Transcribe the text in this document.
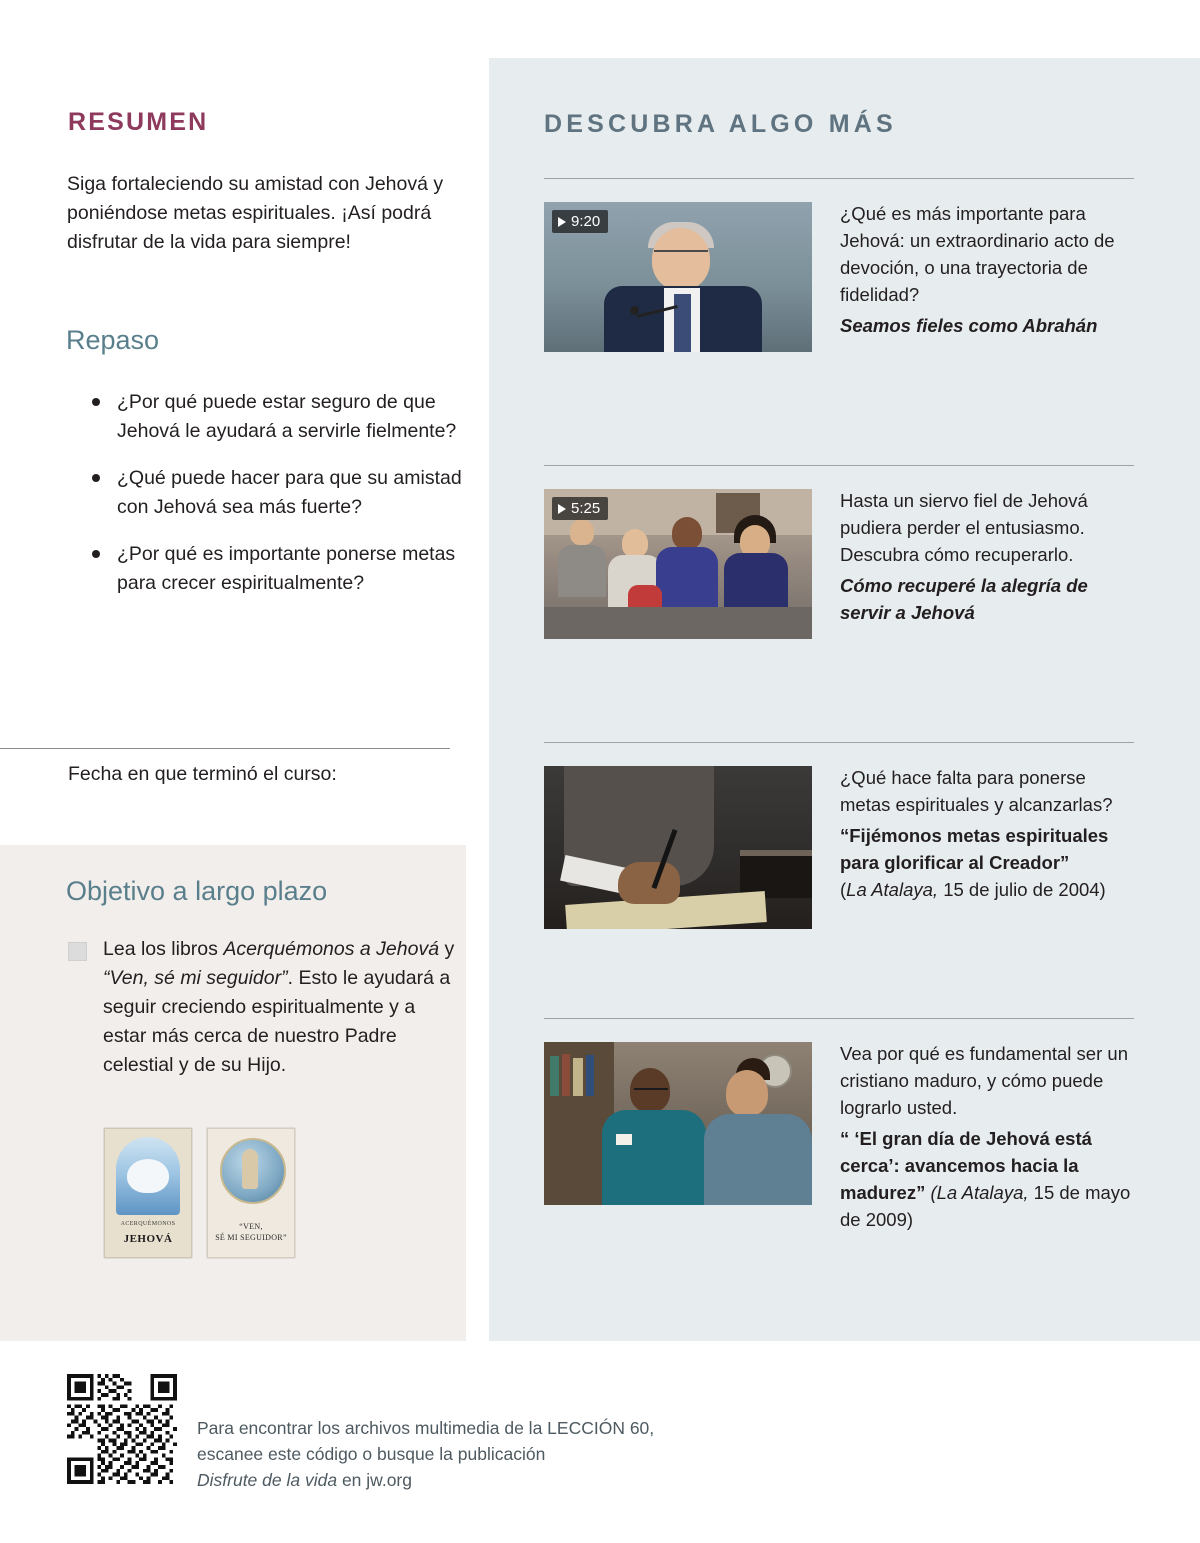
RESUMEN
Siga fortaleciendo su amistad con Jehová y poniéndose metas espirituales. ¡Así podrá disfrutar de la vida para siempre!
Repaso
¿Por qué puede estar seguro de que Jehová le ayudará a servirle fielmente?
¿Qué puede hacer para que su amistad con Jehová sea más fuerte?
¿Por qué es importante ponerse metas para crecer espiritualmente?
Fecha en que terminó el curso:
Objetivo a largo plazo
Lea los libros Acerquémonos a Jehová y “Ven, sé mi seguidor”. Esto le ayudará a seguir creciendo espiritualmente y a estar más cerca de nuestro Padre celestial y de su Hijo.
ACERQUÉMONOS
JEHOVÁ
“VEN,
SÉ MI SEGUIDOR”
DESCUBRA ALGO MÁS
9:20	¿Qué es más importante para Jehová: un extraordinario acto de devoción, o una trayectoria de fidelidad?
Seamos fieles como Abrahán
5:25	Hasta un siervo fiel de Jehová pudiera perder el entusiasmo. Descubra cómo recuperarlo.
Cómo recuperé la alegría de servir a Jehová
¿Qué hace falta para ponerse metas espirituales y alcanzarlas?
“Fijémonos metas espirituales para glorificar al Creador”
(La Atalaya, 15 de julio de 2004)
Vea por qué es fundamental ser un cristiano maduro, y cómo puede lograrlo usted.
“ ‘El gran día de Jehová está cerca’: avancemos hacia la madurez” (La Atalaya, 15 de mayo de 2009)
Para encontrar los archivos multimedia de la LECCIÓN 60,
escanee este código o busque la publicación
Disfrute de la vida en jw.org
